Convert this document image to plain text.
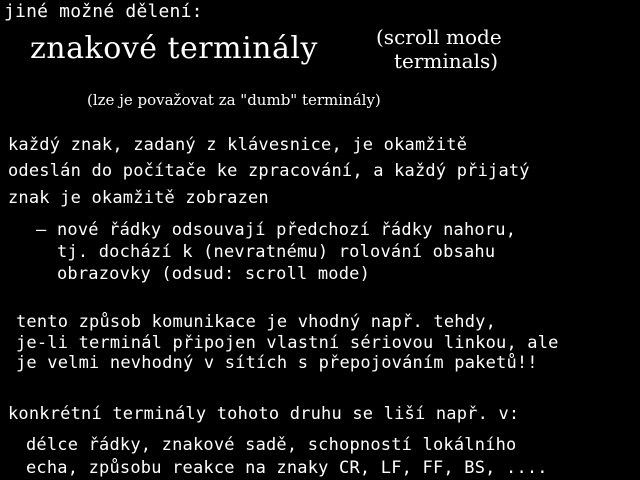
jiné možné dělení:
znakové terminály	(scroll mode
terminals)
(lze je považovat za "dumb" terminály)
každý znak, zadaný z klávesnice, je okamžitě
odeslán do počítače ke zpracování, a každý přijatý
znak je okamžitě zobrazen
– nové řádky odsouvají předchozí řádky nahoru,
tj. dochází k (nevratnému) rolování obsahu
obrazovky (odsud: scroll mode)
tento způsob komunikace je vhodný např. tehdy,
je-li terminál připojen vlastní sériovou linkou, ale
je velmi nevhodný v sítích s přepojováním paketů!!
konkrétní terminály tohoto druhu se liší např. v:
délce řádky, znakové sadě, schopností lokálního
echa, způsobu reakce na znaky CR, LF, FF, BS, ....
